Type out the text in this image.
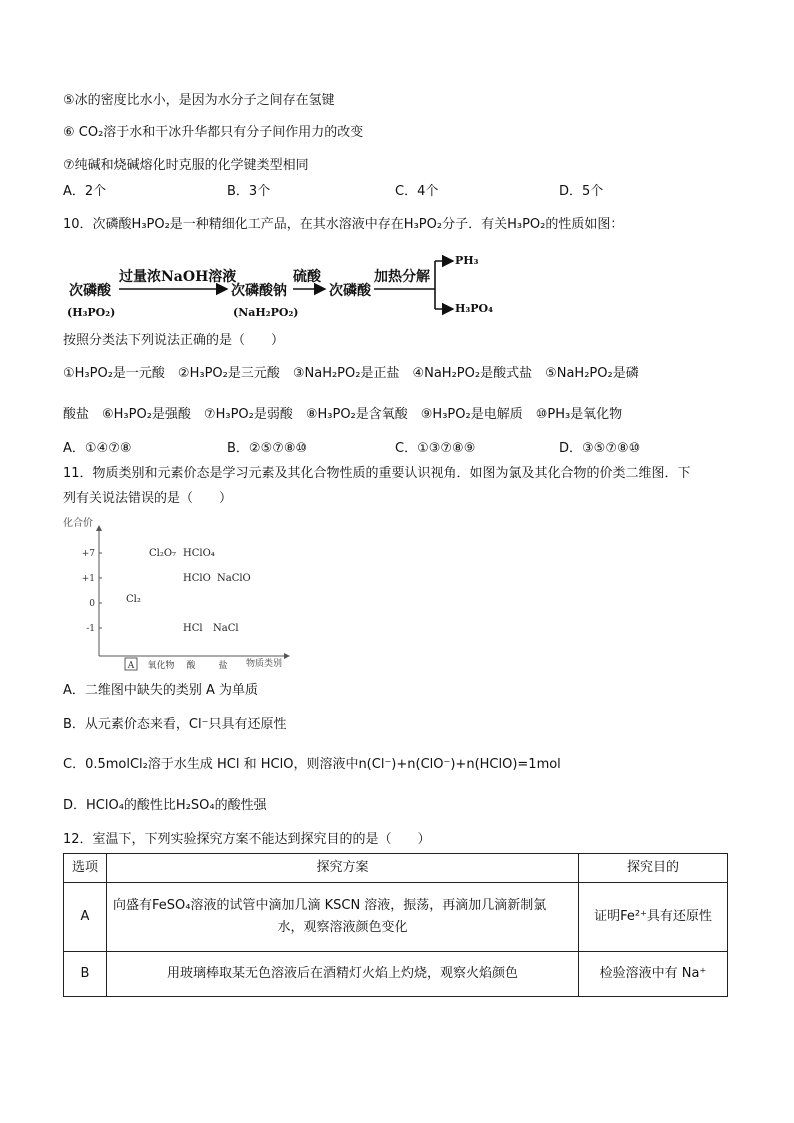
⑤冰的密度比水小，是因为水分子之间存在氢键
⑥ CO₂溶于水和干冰升华都只有分子间作用力的改变
⑦纯碱和烧碱熔化时克服的化学键类型相同
A．2个	B．3个	C．4个	D．5个
10．次磷酸H₃PO₂是一种精细化工产品，在其水溶液中存在H₃PO₂分子．有关H₃PO₂的性质如图：
次磷酸
(H₃PO₂)
过量浓NaOH溶液
次磷酸钠
(NaH₂PO₂)
硫酸
次磷酸
加热分解
PH₃
H₃PO₄
按照分类法下列说法正确的是（　　）
①H₃PO₂是一元酸　②H₃PO₂是三元酸　③NaH₂PO₂是正盐　④NaH₂PO₂是酸式盐　⑤NaH₂PO₂是磷
酸盐　⑥H₃PO₂是强酸　⑦H₃PO₂是弱酸　⑧H₃PO₂是含氧酸　⑨H₃PO₂是电解质　⑩PH₃是氧化物
A．①④⑦⑧	B．②⑤⑦⑧⑩	C．①③⑦⑧⑨	D．③⑤⑦⑧⑩
11．物质类别和元素价态是学习元素及其化合物性质的重要认识视角．如图为氯及其化合物的价类二维图．下
列有关说法错误的是（　　）
化合价
物质类别
+7
+1
0
-1
A 氧化物 酸	盐
Cl₂
Cl₂O₇ HClO₄
HClO NaClO
HCl NaCl
A．二维图中缺失的类别 A 为单质
B．从元素价态来看，Cl⁻只具有还原性
C．0.5molCl₂溶于水生成 HCl 和 HClO，则溶液中n(Cl⁻)+n(ClO⁻)+n(HClO)=1mol
D．HClO₄的酸性比H₂SO₄的酸性强
12．室温下，下列实验探究方案不能达到探究目的的是（　　）
选项	探究方案	探究目的
A	向盛有FeSO₄溶液的试管中滴加几滴 KSCN 溶液，振荡，再滴加几滴新制氯
水，观察溶液颜色变化	证明Fe²⁺具有还原性
B	用玻璃棒取某无色溶液后在酒精灯火焰上灼烧，观察火焰颜色	检验溶液中有 Na⁺
